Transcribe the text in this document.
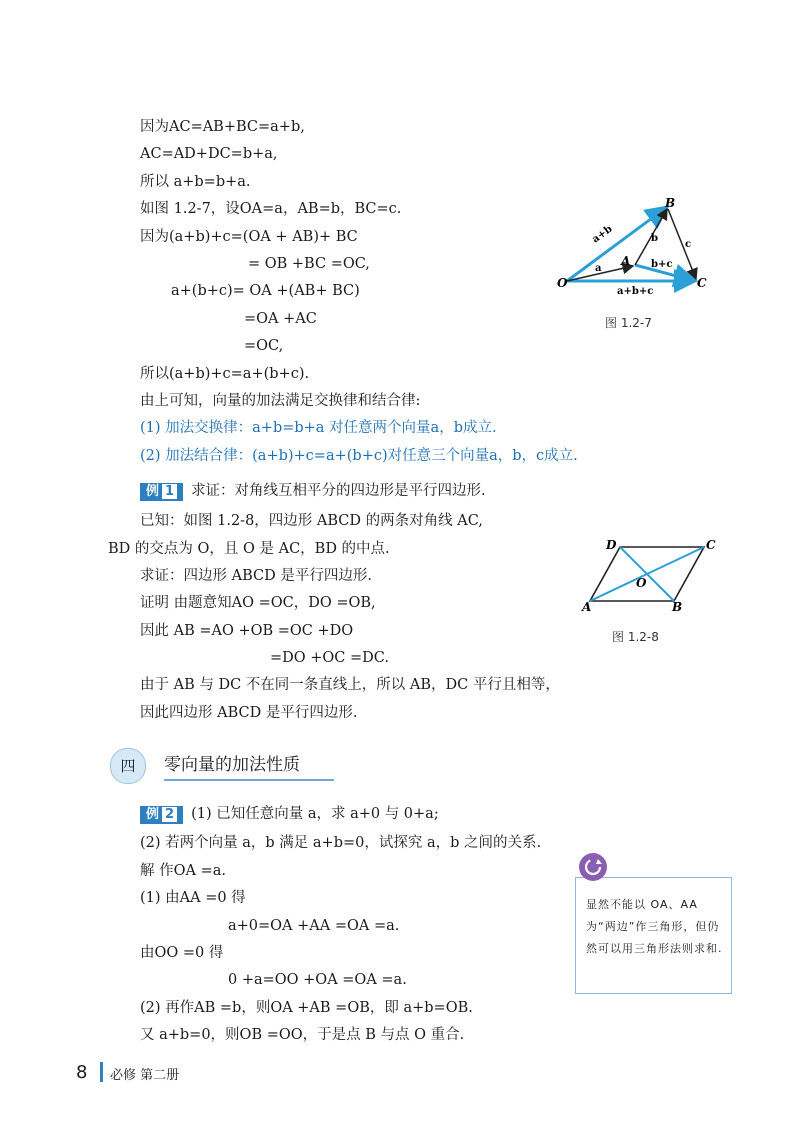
因为AC=AB+BC=a+b,
AC=AD+DC=b+a,
所以 a+b=b+a.
如图 1.2-7，设OA=a，AB=b，BC=c.
因为(a+b)+c=(OA + AB)+ BC
= OB +BC =OC,
a+(b+c)= OA +(AB+ BC)
=OA +AC
=OC,
所以(a+b)+c=a+(b+c).
由上可知，向量的加法满足交换律和结合律:
(1) 加法交换律：a+b=b+a 对任意两个向量a，b成立.
(2) 加法结合律：(a+b)+c=a+(b+c)对任意三个向量a，b，c成立.
O
A
B
C
a+b
a
b
c
b+c
a+b+c
图 1.2-7
例 1 求证：对角线互相平分的四边形是平行四边形.
已知：如图 1.2-8，四边形 ABCD 的两条对角线 AC,
BD 的交点为 O，且 O 是 AC，BD 的中点.
求证：四边形 ABCD 是平行四边形.
证明 由题意知AO =OC，DO =OB,
因此 AB =AO +OB =OC +DO
=DO +OC =DC.
由于 AB 与 DC 不在同一条直线上，所以 AB，DC 平行且相等，
因此四边形 ABCD 是平行四边形.
A	B
C
D
O
图 1.2-8
四	零向量的加法性质
例 2 (1) 已知任意向量 a，求 a+0 与 0+a;
(2) 若两个向量 a，b 满足 a+b=0，试探究 a，b 之间的关系.
解 作OA =a.
(1) 由AA =0 得
a+0=OA +AA =OA =a.
由OO =0 得
0 +a=OO +OA =OA =a.
(2) 再作AB =b，则OA +AB =OB，即 a+b=OB.
又 a+b=0，则OB =OO，于是点 B 与点 O 重合.
显然不能以 OA、AA 为“两边”作三角形，但仍然可以用三角形法则求和.
8 必修 第二册
